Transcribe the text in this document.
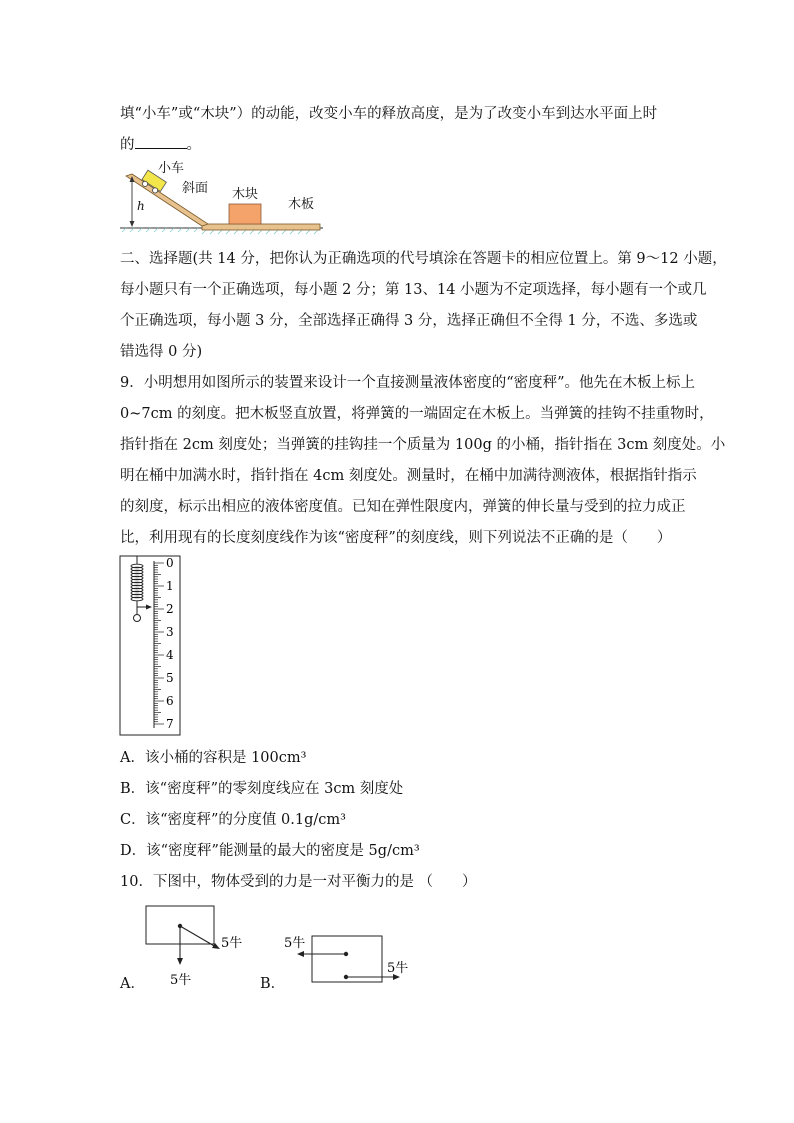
填“小车”或“木块”）的动能，改变小车的释放高度，是为了改变小车到达水平面上时
的	。
h
小车
斜面 木块
木板
二、选择题(共 14 分，把你认为正确选项的代号填涂在答题卡的相应位置上。第 9～12 小题，
每小题只有一个正确选项，每小题 2 分；第 13、14 小题为不定项选择，每小题有一个或几
个正确选项，每小题 3 分，全部选择正确得 3 分，选择正确但不全得 1 分，不选、多选或
错选得 0 分)
9．小明想用如图所示的装置来设计一个直接测量液体密度的“密度秤”。他先在木板上标上
0~7cm 的刻度。把木板竖直放置，将弹簧的一端固定在木板上。当弹簧的挂钩不挂重物时，
指针指在 2cm 刻度处；当弹簧的挂钩挂一个质量为 100g 的小桶，指针指在 3cm 刻度处。小
明在桶中加满水时，指针指在 4cm 刻度处。测量时，在桶中加满待测液体，根据指针指示
的刻度，标示出相应的液体密度值。已知在弹性限度内，弹簧的伸长量与受到的拉力成正
比，利用现有的长度刻度线作为该“密度秤”的刻度线，则下列说法不正确的是（　　）
0
1
2
3
4
5
6
7
A．该小桶的容积是 100cm³
B．该“密度秤”的零刻度线应在 3cm 刻度处
C．该“密度秤”的分度值 0.1g/cm³
D．该“密度秤”能测量的最大的密度是 5g/cm³
10．下图中，物体受到的力是一对平衡力的是 （　　）
5牛
5牛
A．
5牛
5牛
B．
